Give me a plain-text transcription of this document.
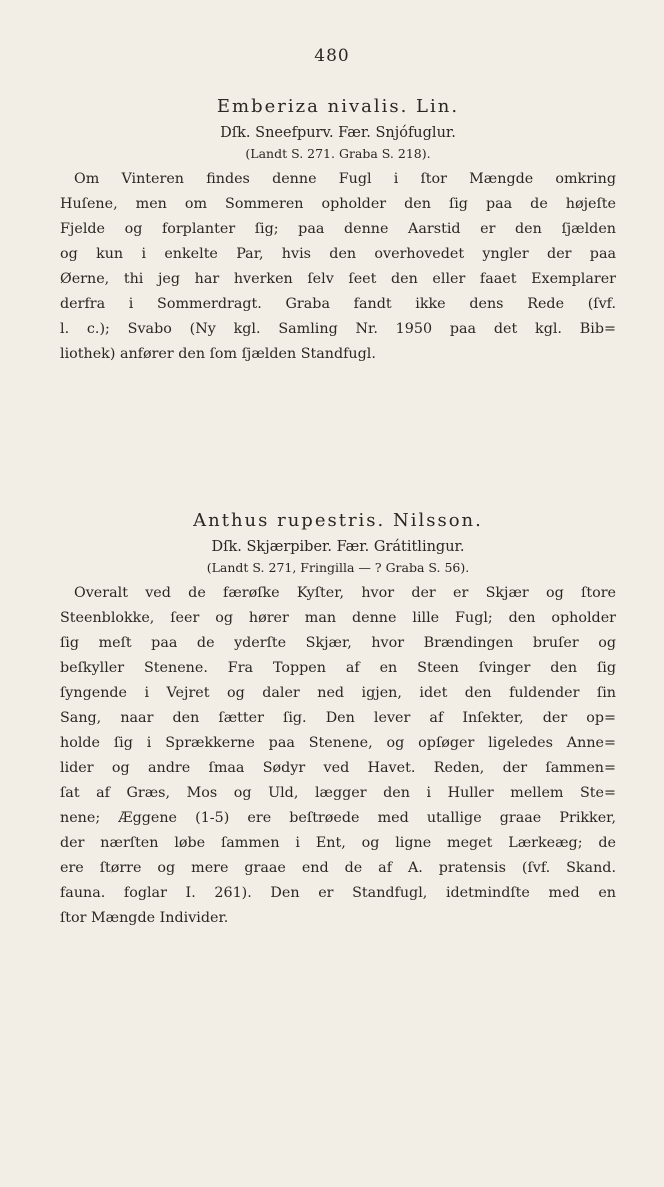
480
Emberiza nivalis. Lin.
Dſk. Sneefpurv. Fær. Snjófuglur.
(Landt S. 271. Graba S. 218).
Om Vinteren findes denne Fugl i ſtor Mængde omkring
Huſene, men om Sommeren opholder den ſig paa de højeſte
Fjelde og forplanter ſig; paa denne Aarstid er den ſjælden
og kun i enkelte Par, hvis den overhovedet yngler der paa
Øerne, thi jeg har hverken ſelv ſeet den eller faaet Exemplarer
derfra i Sommerdragt. Graba fandt ikke dens Rede (ſvf.
l. c.); Svabo (Ny kgl. Samling Nr. 1950 paa det kgl. Bib=
liothek) anfører den ſom ſjælden Standfugl.
Anthus rupestris. Nilsson.
Dſk. Skjærpiber. Fær. Grátitlingur.
(Landt S. 271, Fringilla — ? Graba S. 56).
Overalt ved de færøſke Kyſter, hvor der er Skjær og ſtore
Steenblokke, ſeer og hører man denne lille Fugl; den opholder
ſig meſt paa de yderſte Skjær, hvor Brændingen bruſer og
beſkyller Stenene. Fra Toppen af en Steen ſvinger den ſig
ſyngende i Vejret og daler ned igjen, idet den fuldender ſin
Sang, naar den ſætter ſig. Den lever af Inſekter, der op=
holde ſig i Sprækkerne paa Stenene, og opſøger ligeledes Anne=
lider og andre ſmaa Sødyr ved Havet. Reden, der ſammen=
ſat af Græs, Mos og Uld, lægger den i Huller mellem Ste=
nene; Æggene (1-5) ere beſtrøede med utallige graae Prikker,
der nærſten løbe ſammen i Ent, og ligne meget Lærkeæg; de
ere ſtørre og mere graae end de af A. pratensis (ſvf. Skand.
fauna. foglar I. 261). Den er Standfugl, idetmindſte med en
ſtor Mængde Individer.
